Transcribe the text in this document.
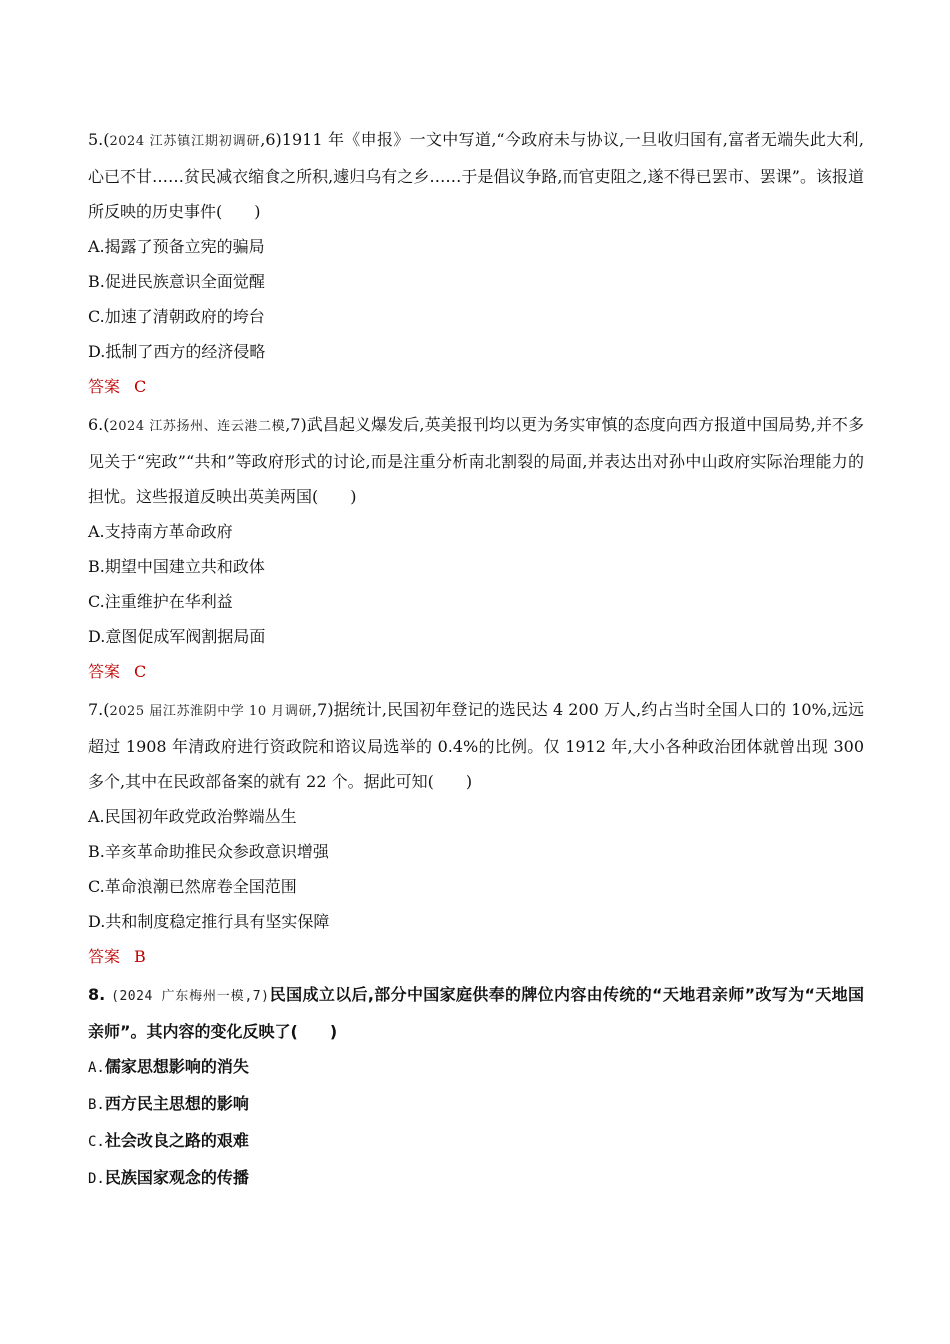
5.(2024 江苏镇江期初调研,6)1911 年《申报》一文中写道,“今政府未与协议,一旦收归国有,富者无端失此大利,心已不甘……贫民减衣缩食之所积,遽归乌有之乡……于是倡议争路,而官吏阻之,遂不得已罢市、罢课”。该报道所反映的历史事件(　　)

A.揭露了预备立宪的骗局

B.促进民族意识全面觉醒

C.加速了清朝政府的垮台

D.抵制了西方的经济侵略

答案 C

6.(2024 江苏扬州、连云港二模,7)武昌起义爆发后,英美报刊均以更为务实审慎的态度向西方报道中国局势,并不多见关于“宪政”“共和”等政府形式的讨论,而是注重分析南北割裂的局面,并表达出对孙中山政府实际治理能力的担忧。这些报道反映出英美两国(　　)

A.支持南方革命政府

B.期望中国建立共和政体

C.注重维护在华利益

D.意图促成军阀割据局面

答案 C

7.(2025 届江苏淮阴中学 10 月调研,7)据统计,民国初年登记的选民达 4 200 万人,约占当时全国人口的 10%,远远超过 1908 年清政府进行资政院和谘议局选举的 0.4%的比例。仅 1912 年,大小各种政治团体就曾出现 300 多个,其中在民政部备案的就有 22 个。据此可知(　　)

A.民国初年政党政治弊端丛生

B.辛亥革命助推民众参政意识增强

C.革命浪潮已然席卷全国范围

D.共和制度稳定推行具有坚实保障

答案 B

8. (2024 广东梅州一模,7)民国成立以后,部分中国家庭供奉的牌位内容由传统的“天地君亲师”改写为“天地国亲师”。其内容的变化反映了(　　)

A.儒家思想影响的消失

B.西方民主思想的影响

C.社会改良之路的艰难

D.民族国家观念的传播
